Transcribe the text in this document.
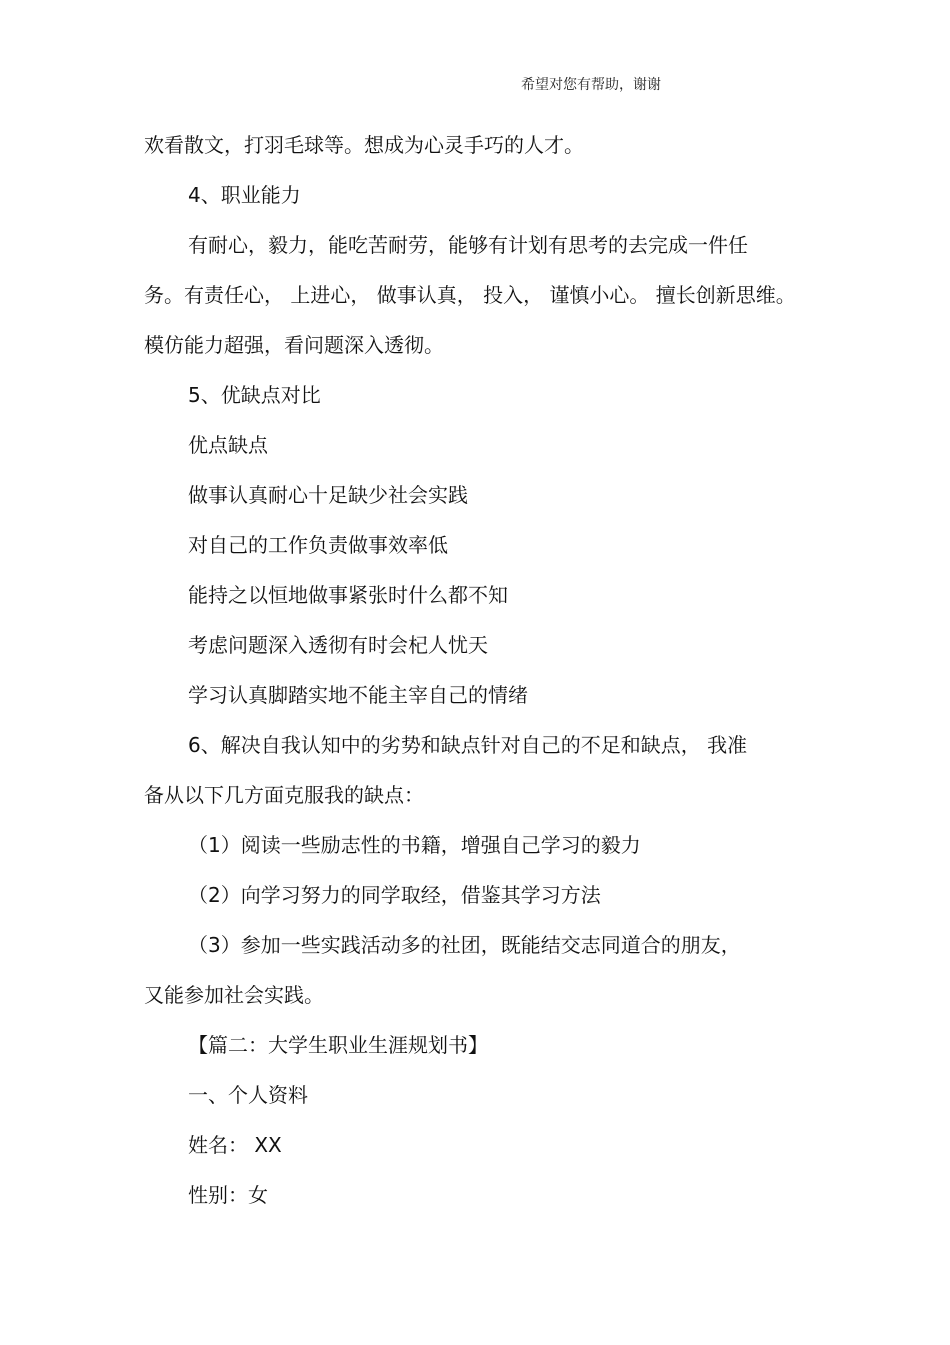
希望对您有帮助，谢谢
欢看散文，打羽毛球等。想成为心灵手巧的人才。
4、职业能力
有耐心，毅力，能吃苦耐劳，能够有计划有思考的去完成一件任
务。有责任心， 上进心， 做事认真， 投入， 谨慎小心。 擅长创新思维。
模仿能力超强，看问题深入透彻。
5、优缺点对比
优点缺点
做事认真耐心十足缺少社会实践
对自己的工作负责做事效率低
能持之以恒地做事紧张时什么都不知
考虑问题深入透彻有时会杞人忧天
学习认真脚踏实地不能主宰自己的情绪
6、解决自我认知中的劣势和缺点针对自己的不足和缺点， 我准
备从以下几方面克服我的缺点：
（1）阅读一些励志性的书籍，增强自己学习的毅力
（2）向学习努力的同学取经，借鉴其学习方法
（3）参加一些实践活动多的社团，既能结交志同道合的朋友，
又能参加社会实践。
【篇二：大学生职业生涯规划书】
一、个人资料
姓名： XX
性别：女
